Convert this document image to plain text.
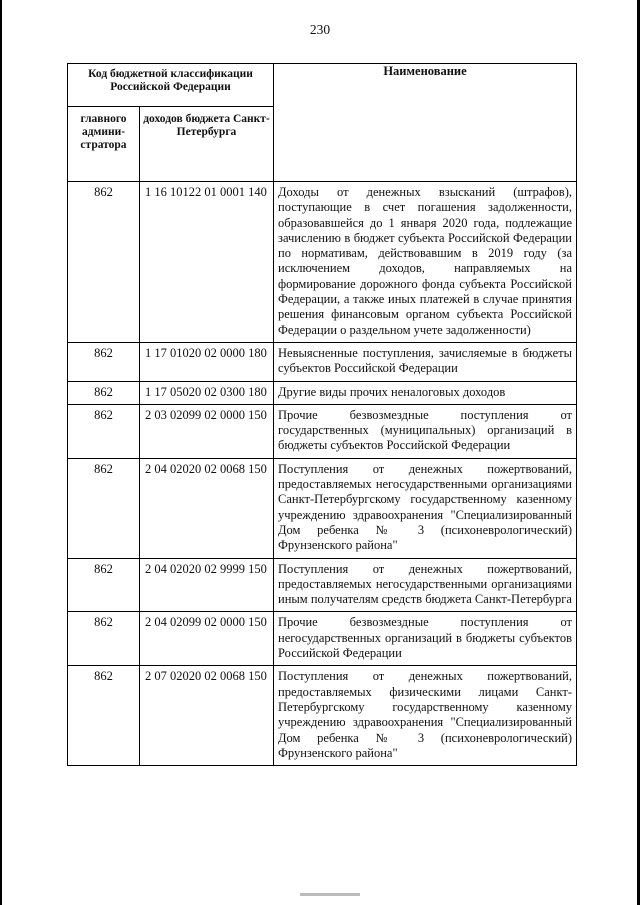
230
Код бюджетной классификации Российской Федерации		Наименование
главного админи-стратора	доходов бюджета Санкт-Петербурга	
862	1 16 10122 01 0001 140	Доходы от денежных взысканий (штрафов), поступающие в счет погашения задолженности, образовавшейся до 1 января 2020 года, подлежащие зачислению в бюджет субъекта Российской Федерации по нормативам, действовавшим в 2019 году (за исключением доходов, направляемых на формирование дорожного фонда субъекта Российской Федерации, а также иных платежей в случае принятия решения финансовым органом субъекта Российской Федерации о раздельном учете задолженности)
862	1 17 01020 02 0000 180	Невыясненные поступления, зачисляемые в бюджеты субъектов Российской Федерации
862	1 17 05020 02 0300 180	Другие виды прочих неналоговых доходов
862	2 03 02099 02 0000 150	Прочие безвозмездные поступления от государственных (муниципальных) организаций в бюджеты субъектов Российской Федерации
862	2 04 02020 02 0068 150	Поступления от денежных пожертвований, предоставляемых негосударственными организациями Санкт-Петербургскому государственному казенному учреждению здравоохранения "Специализированный Дом ребенка № 3 (психоневрологический) Фрунзенского района"
862	2 04 02020 02 9999 150	Поступления от денежных пожертвований, предоставляемых негосударственными организациями иным получателям средств бюджета Санкт-Петербурга
862	2 04 02099 02 0000 150	Прочие безвозмездные поступления от негосударственных организаций в бюджеты субъектов Российской Федерации
862	2 07 02020 02 0068 150	Поступления от денежных пожертвований, предоставляемых физическими лицами Санкт-Петербургскому государственному казенному учреждению здравоохранения "Специализированный Дом ребенка № 3 (психоневрологический) Фрунзенского района"
